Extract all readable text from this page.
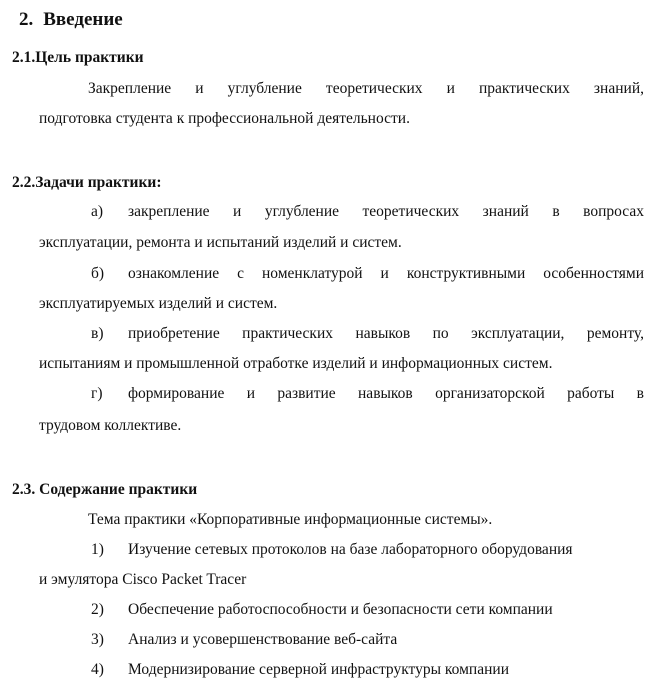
2. Введение
2.1.Цель практики
Закрепление и углубление теоретических и практических знаний,
подготовка студента к профессиональной деятельности.
2.2.Задачи практики:
а) закрепление и углубление теоретических знаний в вопросах
эксплуатации, ремонта и испытаний изделий и систем.
б) ознакомление с номенклатурой и конструктивными особенностями
эксплуатируемых изделий и систем.
в) приобретение практических навыков по эксплуатации, ремонту,
испытаниям и промышленной отработке изделий и информационных систем.
г) формирование и развитие навыков организаторской работы в
трудовом коллективе.
2.3. Содержание практики
Тема практики «Корпоративные информационные системы».
1) Изучение сетевых протоколов на базе лабораторного оборудования
и эмулятора Cisco Packet Tracer
2) Обеспечение работоспособности и безопасности сети компании
3) Анализ и усовершенствование веб-сайта
4) Модернизирование серверной инфраструктуры компании
